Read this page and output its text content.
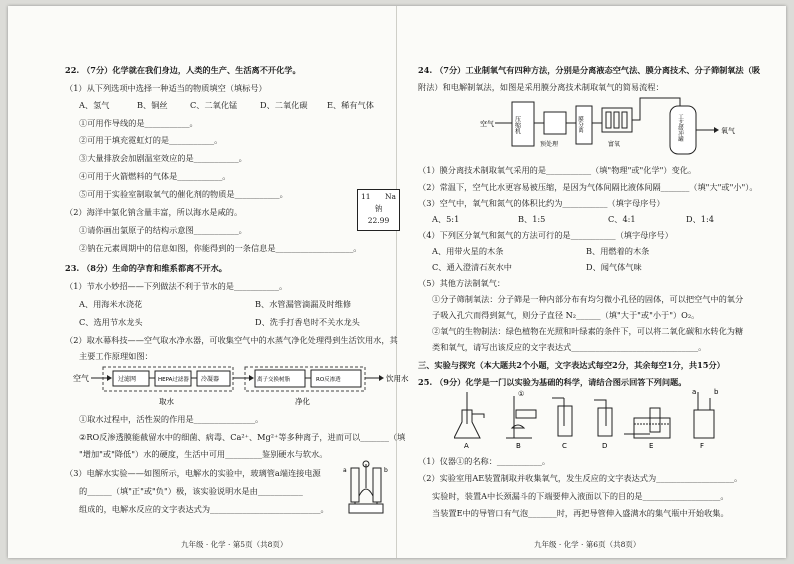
22. （7分）化学就在我们身边，人类的生产、生活离不开化学。
（1）从下列选项中选择一种适当的物质填空（填标号）
A、氢气	B、铜丝	C、二氧化锰	D、二氧化碳 E、稀有气体
①可用作导线的是___________。
②可用于填充霓虹灯的是___________。
③大量排放会加剧温室效应的是___________。
④可用于火箭燃料的气体是___________。
⑤可用于实验室制取氧气的催化剂的物质是___________。
（2）海洋中氯化钠含量丰富，所以海水是咸的。
①请你画出氯原子的结构示意图___________。
②钠在元素周期中的信息如图，你能得到的一条信息是___________________。
11 Na
钠
22.99
23. （8分）生命的孕育和维系都离不开水。
（1）节水小妙招——下列做法不利于节水的是___________。
A、用海米水浇花	B、水管漏管滴漏及时维修
C、选用节水龙头	D、洗手打香皂时不关水龙头
（2）取水幕科技——空气取水净水器，可收集空气中的水蒸气净化处理得到生活饮用水，其
主要工作原理如图：
空气	过滤网	HEPA过滤器 冷凝器	离子交换树脂	RO反渗透	饮用水
取水	净化
①取水过程中，活性炭的作用是_______________。
②RO反渗透膜能截留水中的细菌、病毒、Ca²⁺、Mg²⁺等多种离子，进而可以_______（填
"增加"或"降低"）水的硬度，生活中可用_________鉴别硬水与软水。
（3）电解水实验——如图所示，电解水的实验中，玻璃管a端连接电源
的______（填"正"或"负"）极，该实验说明水是由___________
组成的，电解水反应的文字表达式为___________________________。
a	b
九年级 · 化学 · 第5页（共8页）
24. （7分）工业制氧气有四种方法，分别是分离液态空气法、膜分离技术、分子筛制氧法（吸
附法）和电解制氧法，如图是采用膜分离技术制取氧气的简易流程：
空气	压缩机
预处理
膜分离
富氧
工艺缓冲罐	氧气
（1）膜分离技术制取氧气采用的是___________（填"物理"或"化学"）变化。
（2）常温下，空气比水更容易被压缩，是因为气体间隔比液体间隔_______（填"大"或"小"）。
（3）空气中，氧气和氮气的体积比约为___________（填字母序号）
A、5:1	B、1:5	C、4:1	D、1:4
（4）下列区分氧气和氮气的方法可行的是___________（填字母序号）
A、用带火星的木条	B、用燃着的木条
C、通入澄清石灰水中	D、闻气体气味
（5）其他方法制氧气：
①分子筛制氧法：分子筛是一种内部分布有均匀微小孔径的固体，可以把空气中的氧分
子吸入孔穴而得到氮气，则分子直径 N₂______（填"大于"或"小于"）O₂。
②氧气的生物制法：绿色植物在光照和叶绿素的条件下，可以将二氧化碳和水转化为糖
类和氧气，请写出该反应的文字表达式_______________________________。
三、实验与探究（本大题共2个小题，文字表达式每空2分，其余每空1分，共15分）
25. （9分）化学是一门以实验为基础的科学，请结合图示回答下列问题。
①	a	b
A	B	C	D	E	F
（1）仪器①的名称：___________。
（2）实验室用AE装置制取并收集氧气，发生反应的文字表达式为___________________。
实验时，装置A中长颈漏斗的下端要伸入液面以下的目的是___________________。
当装置E中的导管口有气泡_______时，再把导管伸入盛满水的集气瓶中开始收集。
九年级 · 化学 · 第6页（共8页）
